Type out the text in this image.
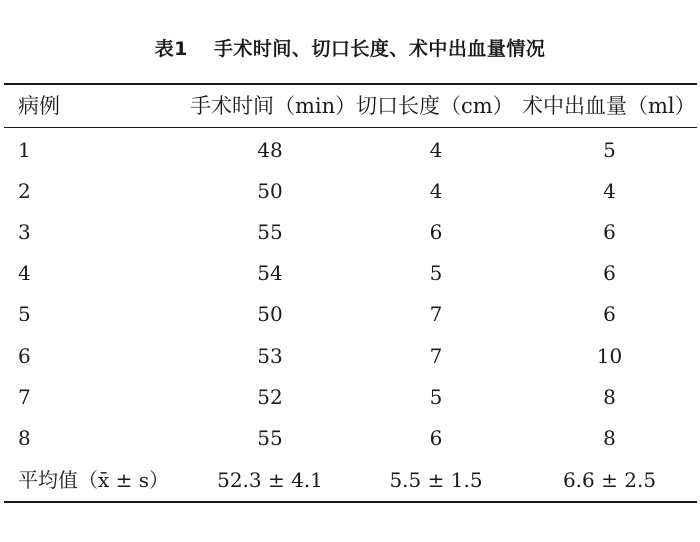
表1 手术时间、切口长度、术中出血量情况
病例	手术时间（min） 切口长度（cm） 术中出血量（ml）
1	48	4	5
2	50	4	4
3	55	6	6
4	54	5	6
5	50	7	6
6	53	7	10
7	52	5	8
8	55	6	8
平均值（x̄ ± s）	52.3 ± 4.1	5.5 ± 1.5	6.6 ± 2.5
